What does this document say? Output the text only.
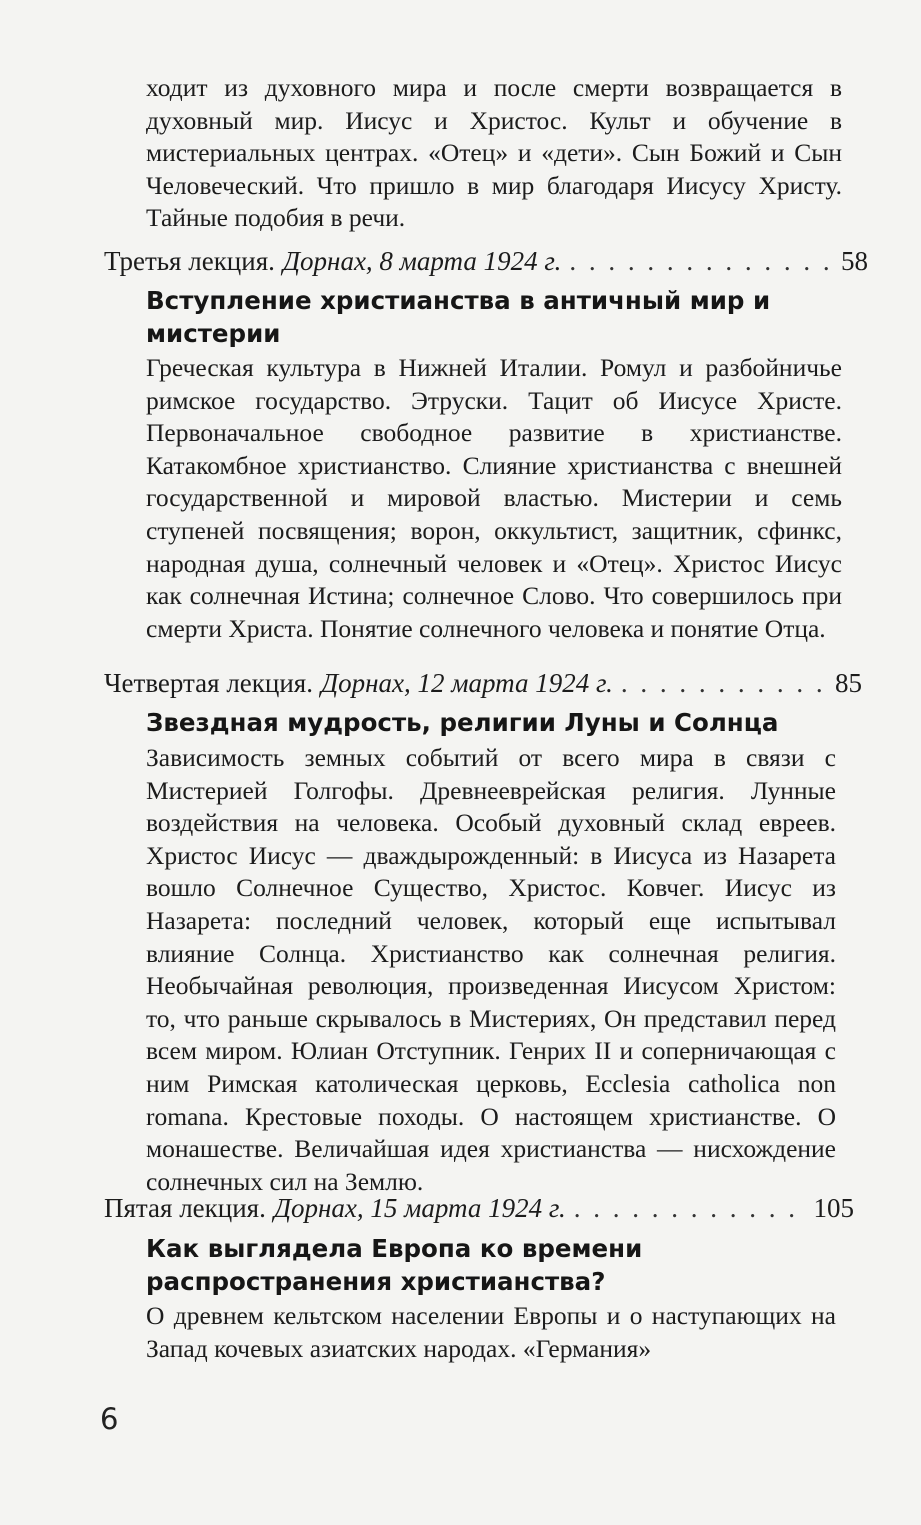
ходит из духовного мира и после смерти возвращается в духовный мир. Иисус и Христос. Культ и обучение в мистериальных центрах. «Отец» и «дети». Сын Божий и Сын Человеческий. Что пришло в мир благодаря Иисусу Христу. Тайные подобия в речи.

Третья лекция. Дорнах, 8 марта 1924 г. . . .	58

Вступление христианства в античный мир и мистерии

Греческая культура в Нижней Италии. Ромул и разбойничье римское государство. Этруски. Тацит об Иисусе Христе. Первоначальное свободное развитие в христианстве. Катакомбное христианство. Слияние христианства с внешней государственной и мировой властью. Мистерии и семь ступеней посвящения; ворон, оккультист, защитник, сфинкс, народная душа, солнечный человек и «Отец». Христос Иисус как солнечная Истина; солнечное Слово. Что совершилось при смерти Христа. Понятие солнечного человека и понятие Отца.

Четвертая лекция. Дорнах, 12 марта 1924 г. . . .	85

Звездная мудрость, религии Луны и Солнца

Зависимость земных событий от всего мира в связи с Мистерией Голгофы. Древнееврейская религия. Лунные воздействия на человека. Особый духовный склад евреев. Христос Иисус — дваждырожденный: в Иисуса из Назарета вошло Солнечное Существо, Христос. Ковчег. Иисус из Назарета: последний человек, который еще испытывал влияние Солнца. Христианство как солнечная религия. Необычайная революция, произведенная Иисусом Христом: то, что раньше скрывалось в Мистериях, Он представил перед всем миром. Юлиан Отступник. Генрих II и соперничающая с ним Римская католическая церковь, Ecclesia catholica non romana. Крестовые походы. О настоящем христианстве. О монашестве. Величайшая идея христианства — нисхождение солнечных сил на Землю.

Пятая лекция. Дорнах, 15 марта 1924 г. . . .	105

Как выглядела Европа ко времени распространения христианства?

О древнем кельтском населении Европы и о наступающих на Запад кочевых азиатских народах. «Германия»

6
